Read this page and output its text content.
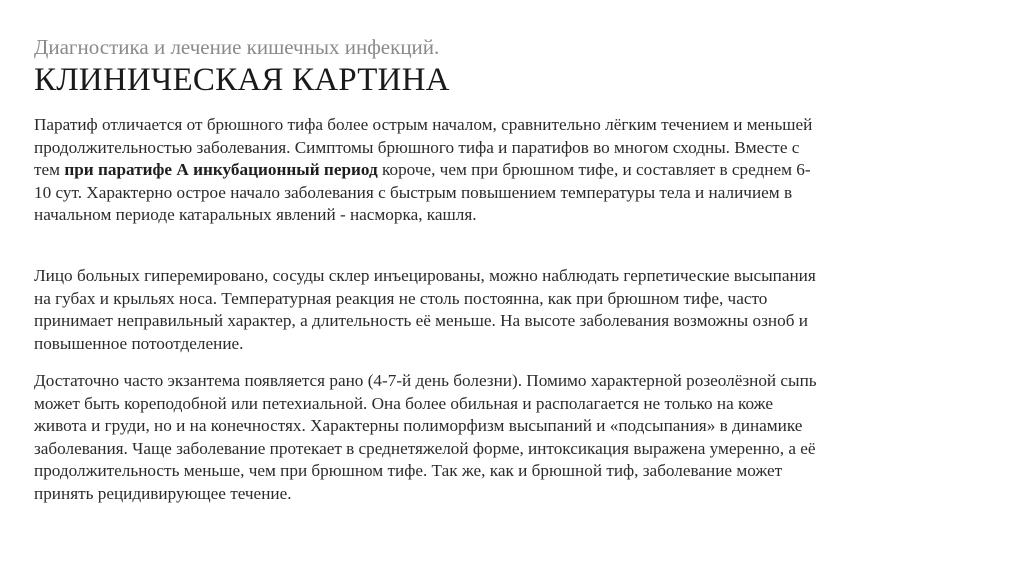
Диагностика и лечение кишечных инфекций.
КЛИНИЧЕСКАЯ КАРТИНА
Паратиф отличается от брюшного тифа более острым началом, сравнительно лёгким течением и меньшей
продолжительностью заболевания. Симптомы брюшного тифа и паратифов во многом сходны. Вместе с
тем при паратифе А инкубационный период короче, чем при брюшном тифе, и составляет в среднем 6-
10 сут. Характерно острое начало заболевания с быстрым повышением температуры тела и наличием в
начальном периоде катаральных явлений - насморка, кашля.
Лицо больных гиперемировано, сосуды склер инъецированы, можно наблюдать герпетические высыпания
на губах и крыльях носа. Температурная реакция не столь постоянна, как при брюшном тифе, часто
принимает неправильный характер, а длительность её меньше. На высоте заболевания возможны озноб и
повышенное потоотделение.
Достаточно часто экзантема появляется рано (4-7-й день болезни). Помимо характерной розеолёзной сыпь
может быть кореподобной или петехиальной. Она более обильная и располагается не только на коже
живота и груди, но и на конечностях. Характерны полиморфизм высыпаний и «подсыпания» в динамике
заболевания. Чаще заболевание протекает в среднетяжелой форме, интоксикация выражена умеренно, а её
продолжительность меньше, чем при брюшном тифе. Так же, как и брюшной тиф, заболевание может
принять рецидивирующее течение.
